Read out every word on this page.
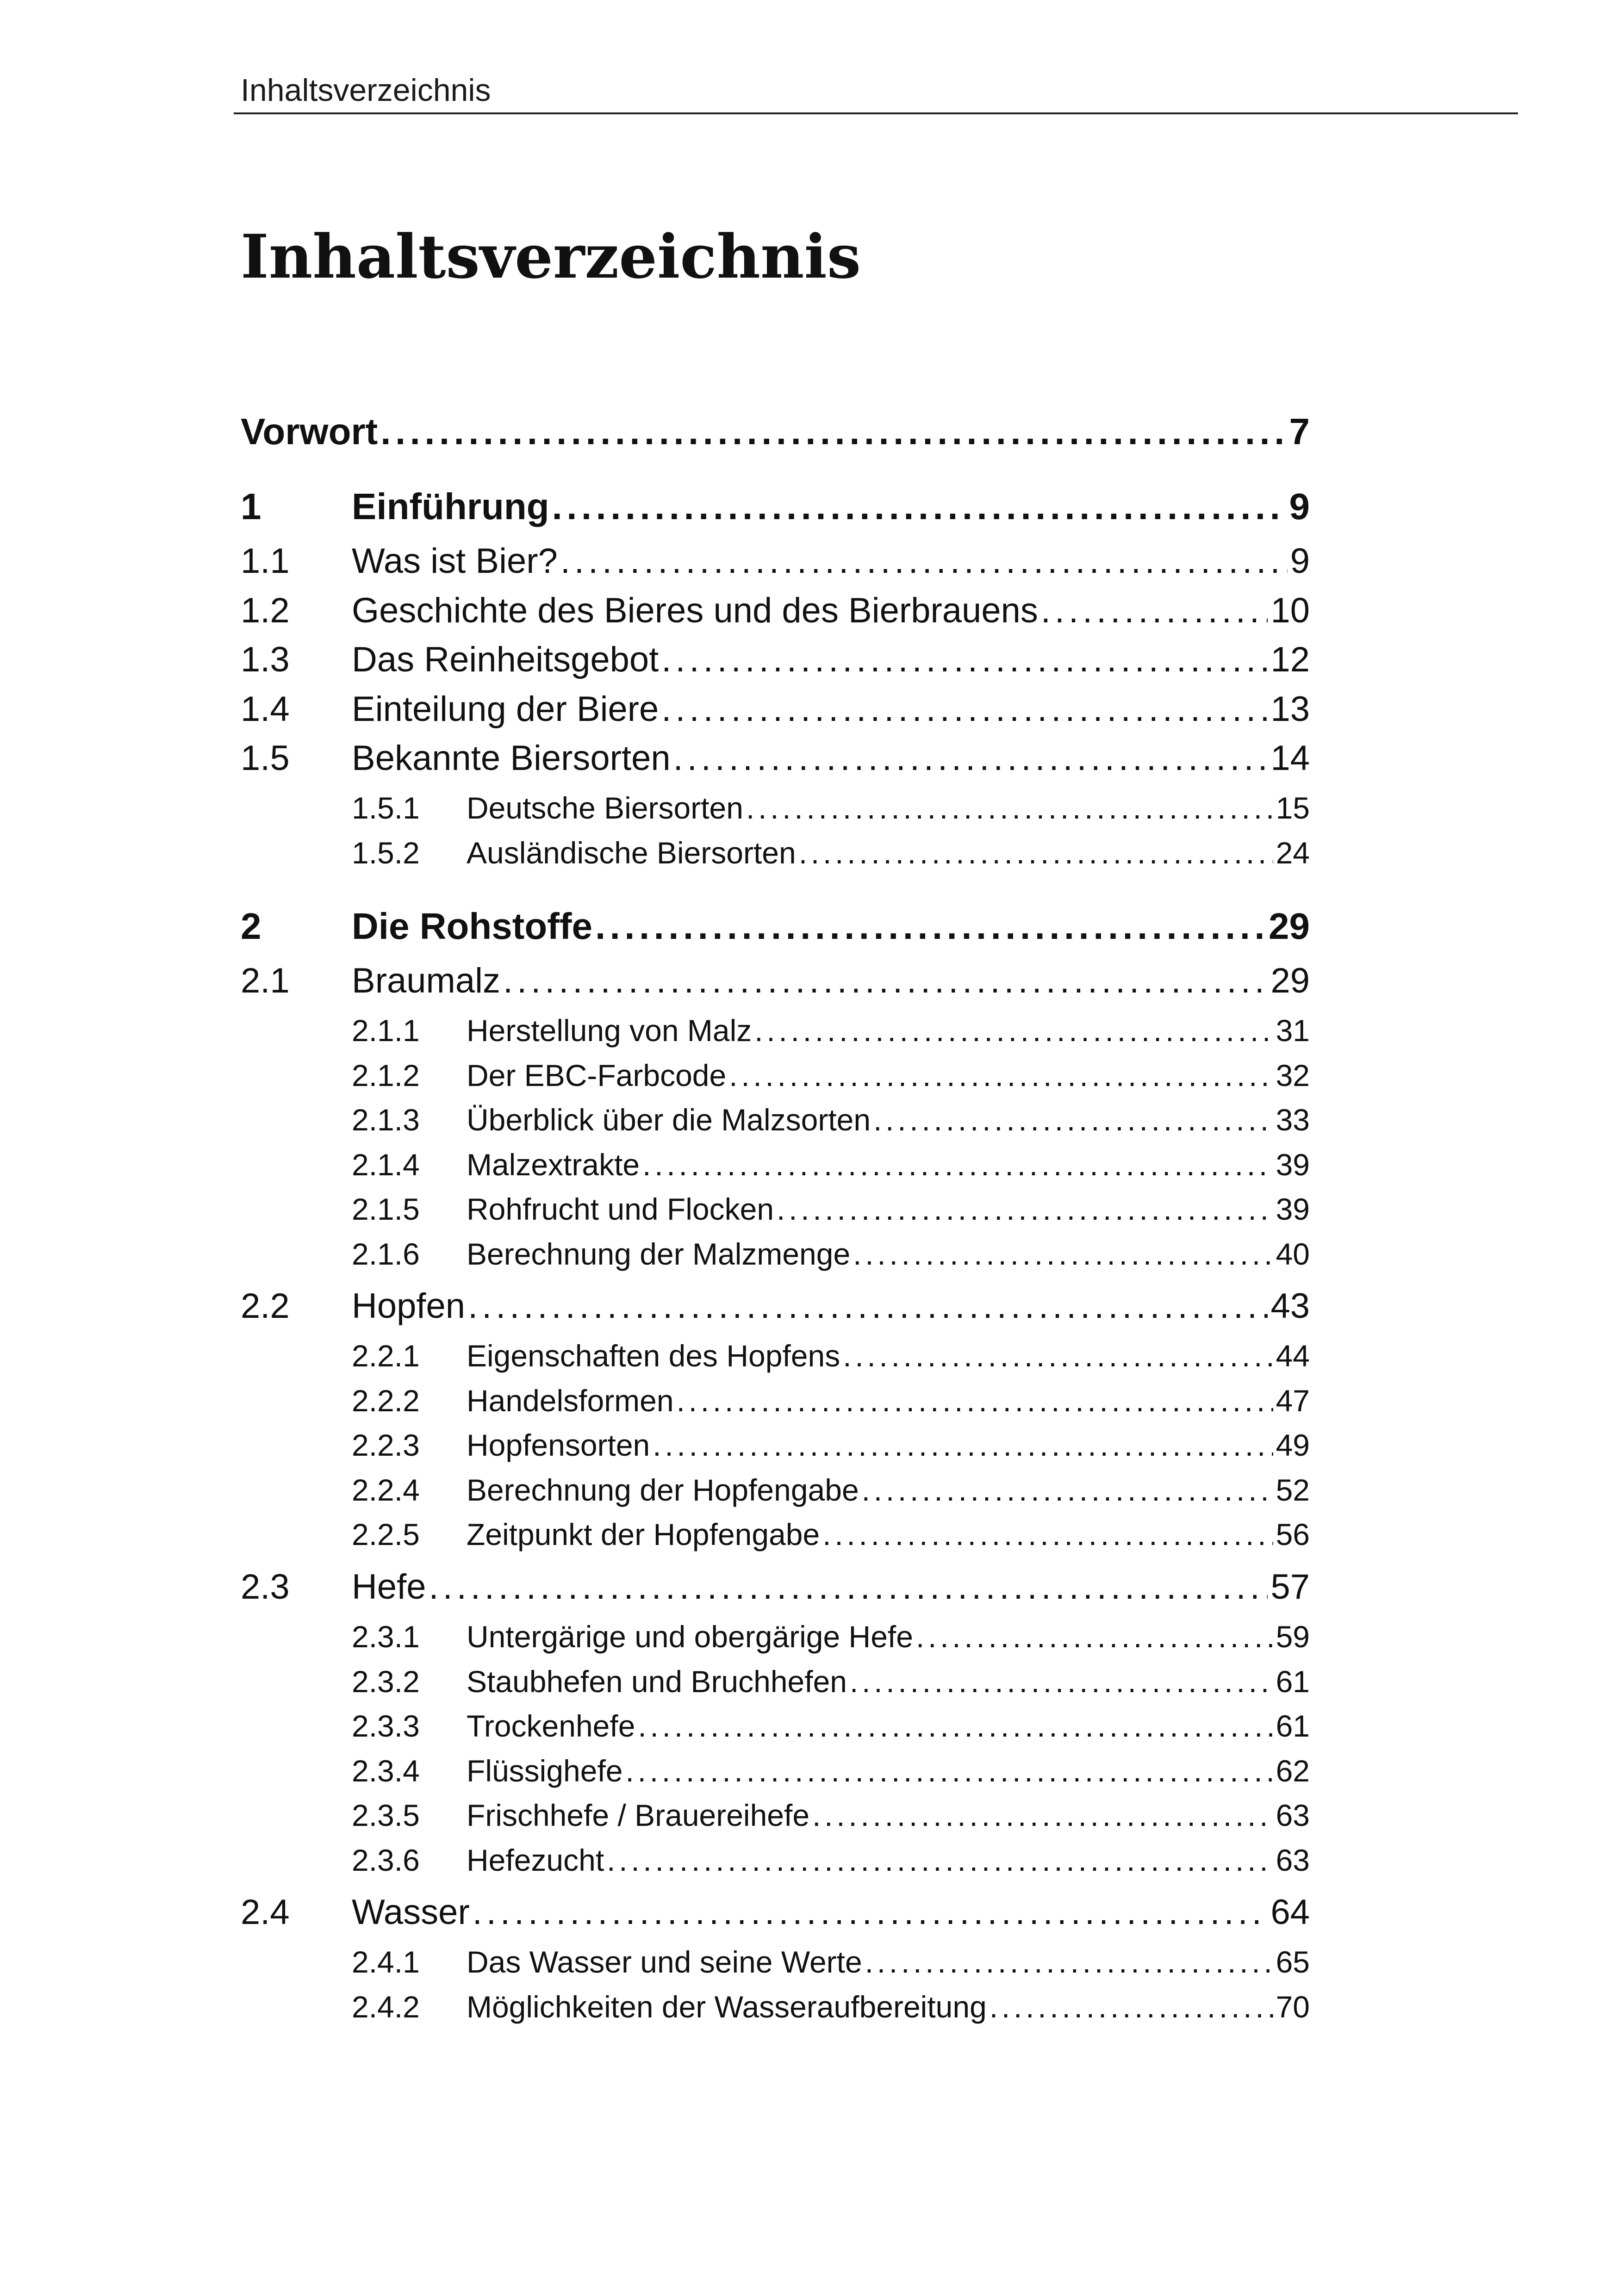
Inhaltsverzeichnis
Inhaltsverzeichnis
Vorwort . . .	7
1	Einführung . . .	9
1.1	Was ist Bier? . . .	9
1.2	Geschichte des Bieres und des Bierbrauens . . .	10
1.3	Das Reinheitsgebot . . .	12
1.4	Einteilung der Biere . . .	13
1.5	Bekannte Biersorten . . .	14
1.5.1	Deutsche Biersorten . . .	15
1.5.2	Ausländische Biersorten . . .	24
2	Die Rohstoffe . . .	29
2.1	Braumalz . . .	29
2.1.1	Herstellung von Malz . . .	31
2.1.2	Der EBC-Farbcode . . .	32
2.1.3	Überblick über die Malzsorten . . .	33
2.1.4	Malzextrakte . . .	39
2.1.5	Rohfrucht und Flocken . . .	39
2.1.6	Berechnung der Malzmenge . . .	40
2.2	Hopfen . . .	43
2.2.1	Eigenschaften des Hopfens . . .	44
2.2.2	Handelsformen . . .	47
2.2.3	Hopfensorten . . .	49
2.2.4	Berechnung der Hopfengabe . . .	52
2.2.5	Zeitpunkt der Hopfengabe . . .	56
2.3	Hefe . . .	57
2.3.1	Untergärige und obergärige Hefe . . .	59
2.3.2	Staubhefen und Bruchhefen . . .	61
2.3.3	Trockenhefe . . .	61
2.3.4	Flüssighefe . . .	62
2.3.5	Frischhefe / Brauereihefe . . .	63
2.3.6	Hefezucht . . .	63
2.4	Wasser . . .	64
2.4.1	Das Wasser und seine Werte . . .	65
2.4.2	Möglichkeiten der Wasseraufbereitung . . .	70
